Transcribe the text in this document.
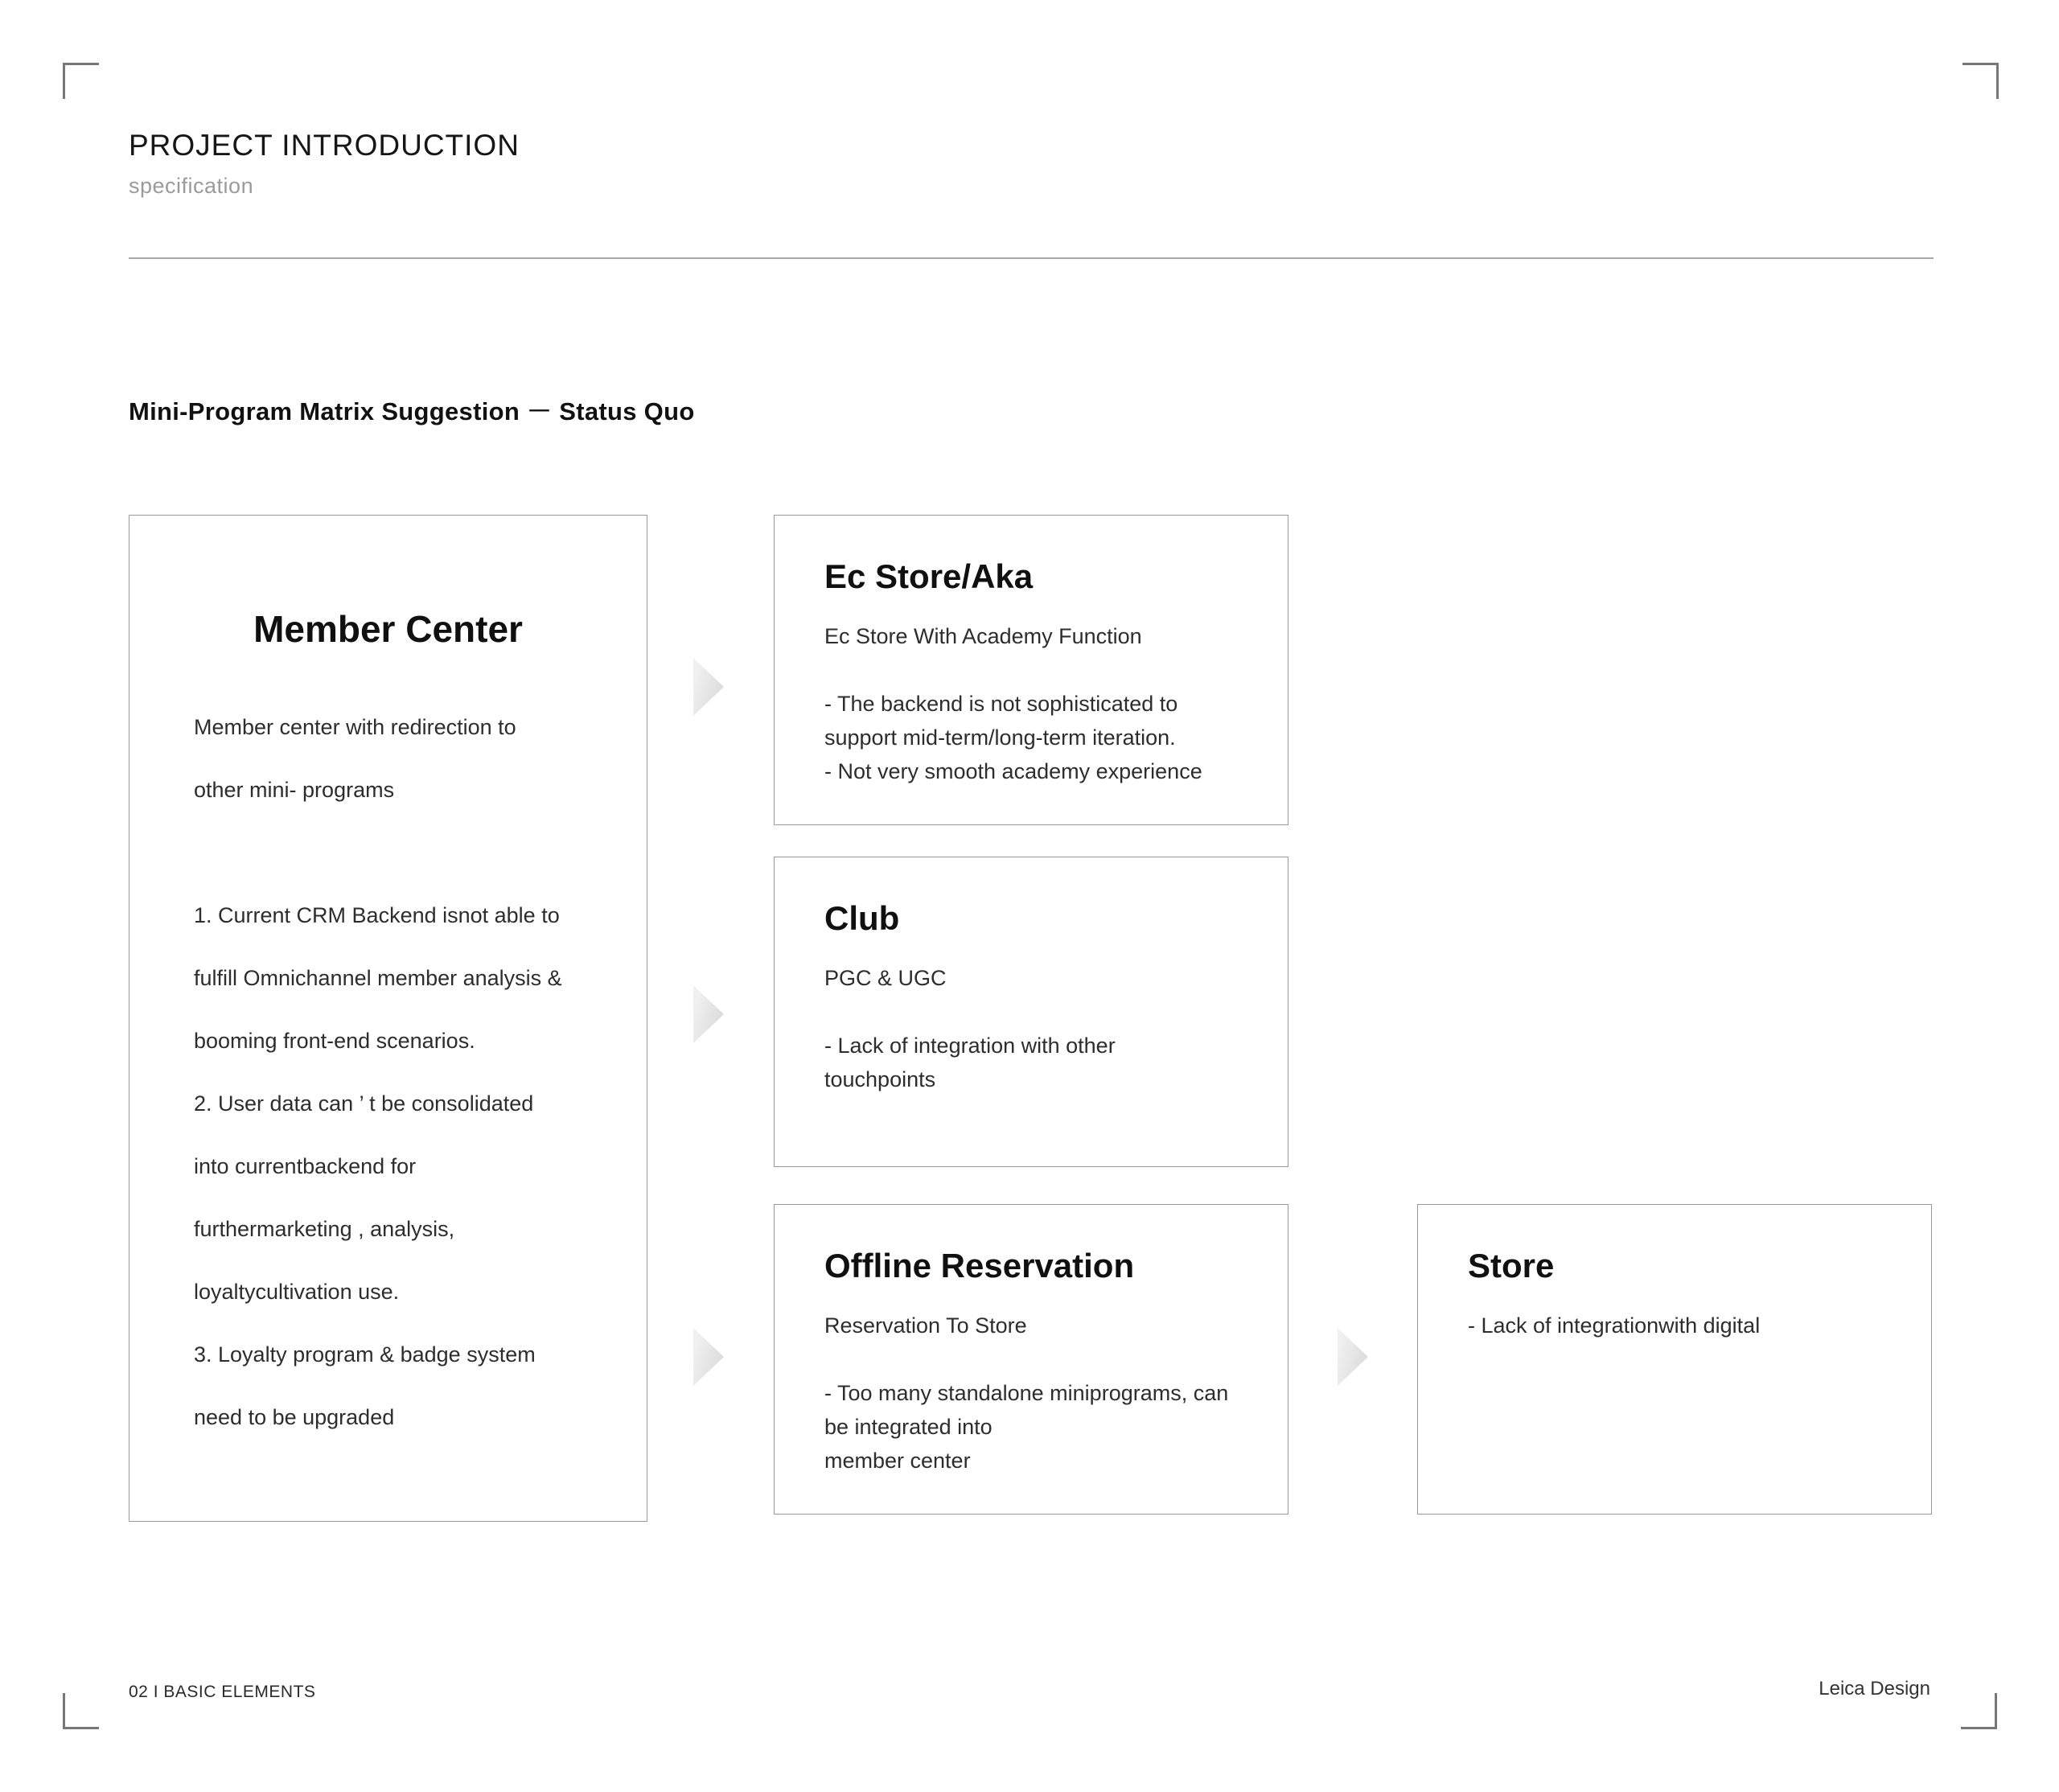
PROJECT INTRODUCTION
specification
Mini-Program Matrix Suggestion － Status Quo
Member Center
Member center with redirection to
other mini- programs
1. Current CRM Backend isnot able to
fulfill Omnichannel member analysis &
booming front-end scenarios.
2. User data can ’ t be consolidated
into currentbackend for
furthermarketing , analysis,
loyaltycultivation use.
3. Loyalty program & badge system
need to be upgraded
Ec Store/Aka
Ec Store With Academy Function
- The backend is not sophisticated to
support mid-term/long-term iteration.
- Not very smooth academy experience
Club
PGC & UGC
- Lack of integration with other
touchpoints
Offline Reservation
Reservation To Store
- Too many standalone miniprograms, can
be integrated into
member center
Store
- Lack of integrationwith digital
02 I BASIC ELEMENTS	Leica Design
